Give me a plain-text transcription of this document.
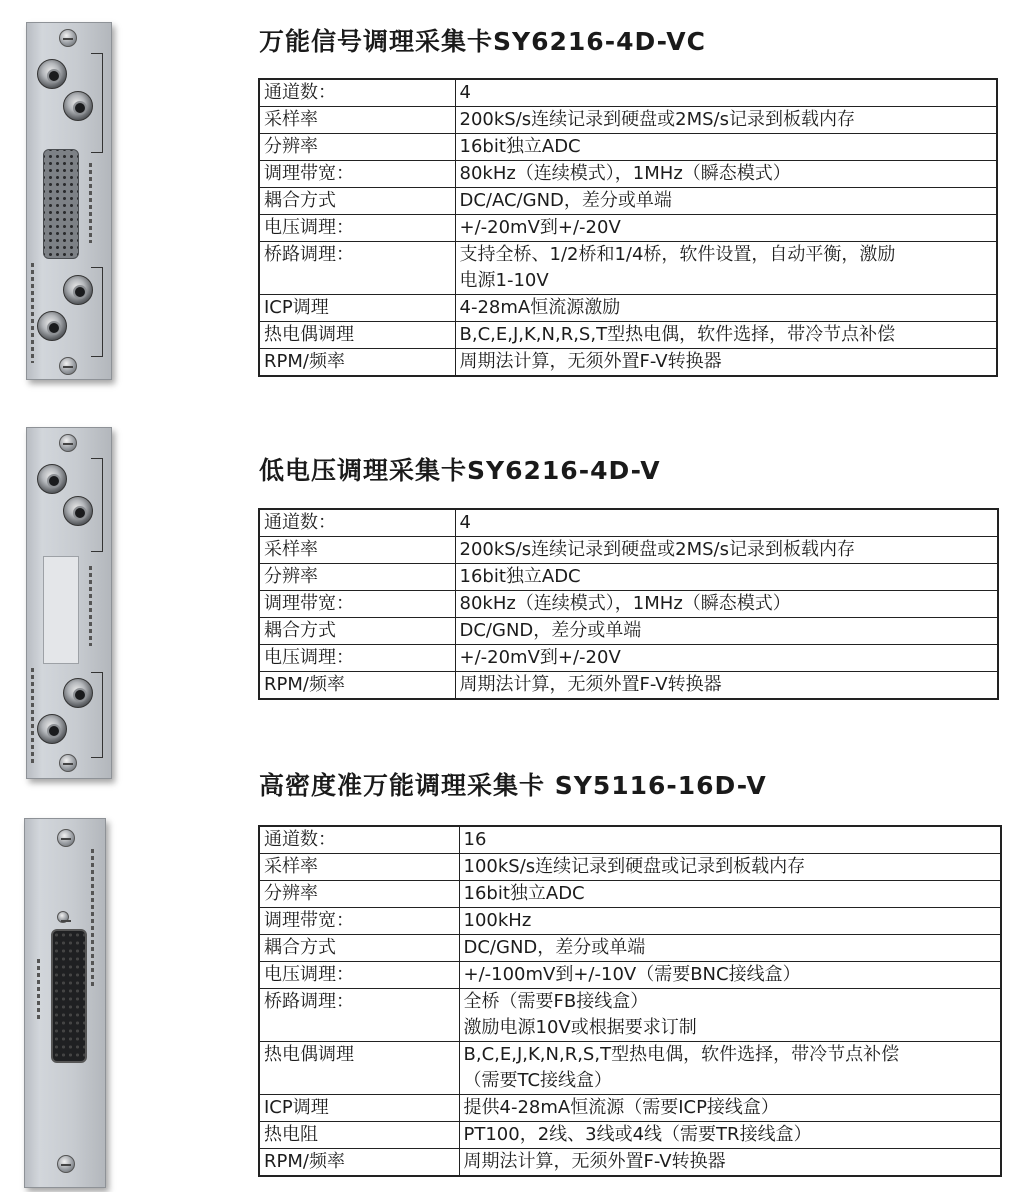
万能信号调理采集卡SY6216-4D-VC
通道数：	4

采样率	200kS/s连续记录到硬盘或2MS/s记录到板载内存

分辨率	16bit独立ADC

调理带宽：	80kHz（连续模式），1MHz（瞬态模式）

耦合方式	DC/AC/GND，差分或单端

电压调理：	+/-20mV到+/-20V

桥路调理：	支持全桥、1/2桥和1/4桥，软件设置，自动平衡，激励
电源1-10V

ICP调理	4-28mA恒流源激励

热电偶调理	B,C,E,J,K,N,R,S,T型热电偶，软件选择，带冷节点补偿

RPM/频率	周期法计算，无须外置F-V转换器
低电压调理采集卡SY6216-4D-V
通道数：	4

采样率	200kS/s连续记录到硬盘或2MS/s记录到板载内存

分辨率	16bit独立ADC

调理带宽：	80kHz（连续模式），1MHz（瞬态模式）

耦合方式	DC/GND，差分或单端

电压调理：	+/-20mV到+/-20V

RPM/频率	周期法计算，无须外置F-V转换器
高密度准万能调理采集卡 SY5116-16D-V
通道数：	16

采样率	100kS/s连续记录到硬盘或记录到板载内存

分辨率	16bit独立ADC

调理带宽：	100kHz

耦合方式	DC/GND，差分或单端

电压调理：	+/-100mV到+/-10V（需要BNC接线盒）

桥路调理：	全桥（需要FB接线盒）
激励电源10V或根据要求订制

热电偶调理	B,C,E,J,K,N,R,S,T型热电偶，软件选择，带冷节点补偿
（需要TC接线盒）

ICP调理	提供4-28mA恒流源（需要ICP接线盒）

热电阻	PT100，2线、3线或4线（需要TR接线盒）

RPM/频率	周期法计算，无须外置F-V转换器
